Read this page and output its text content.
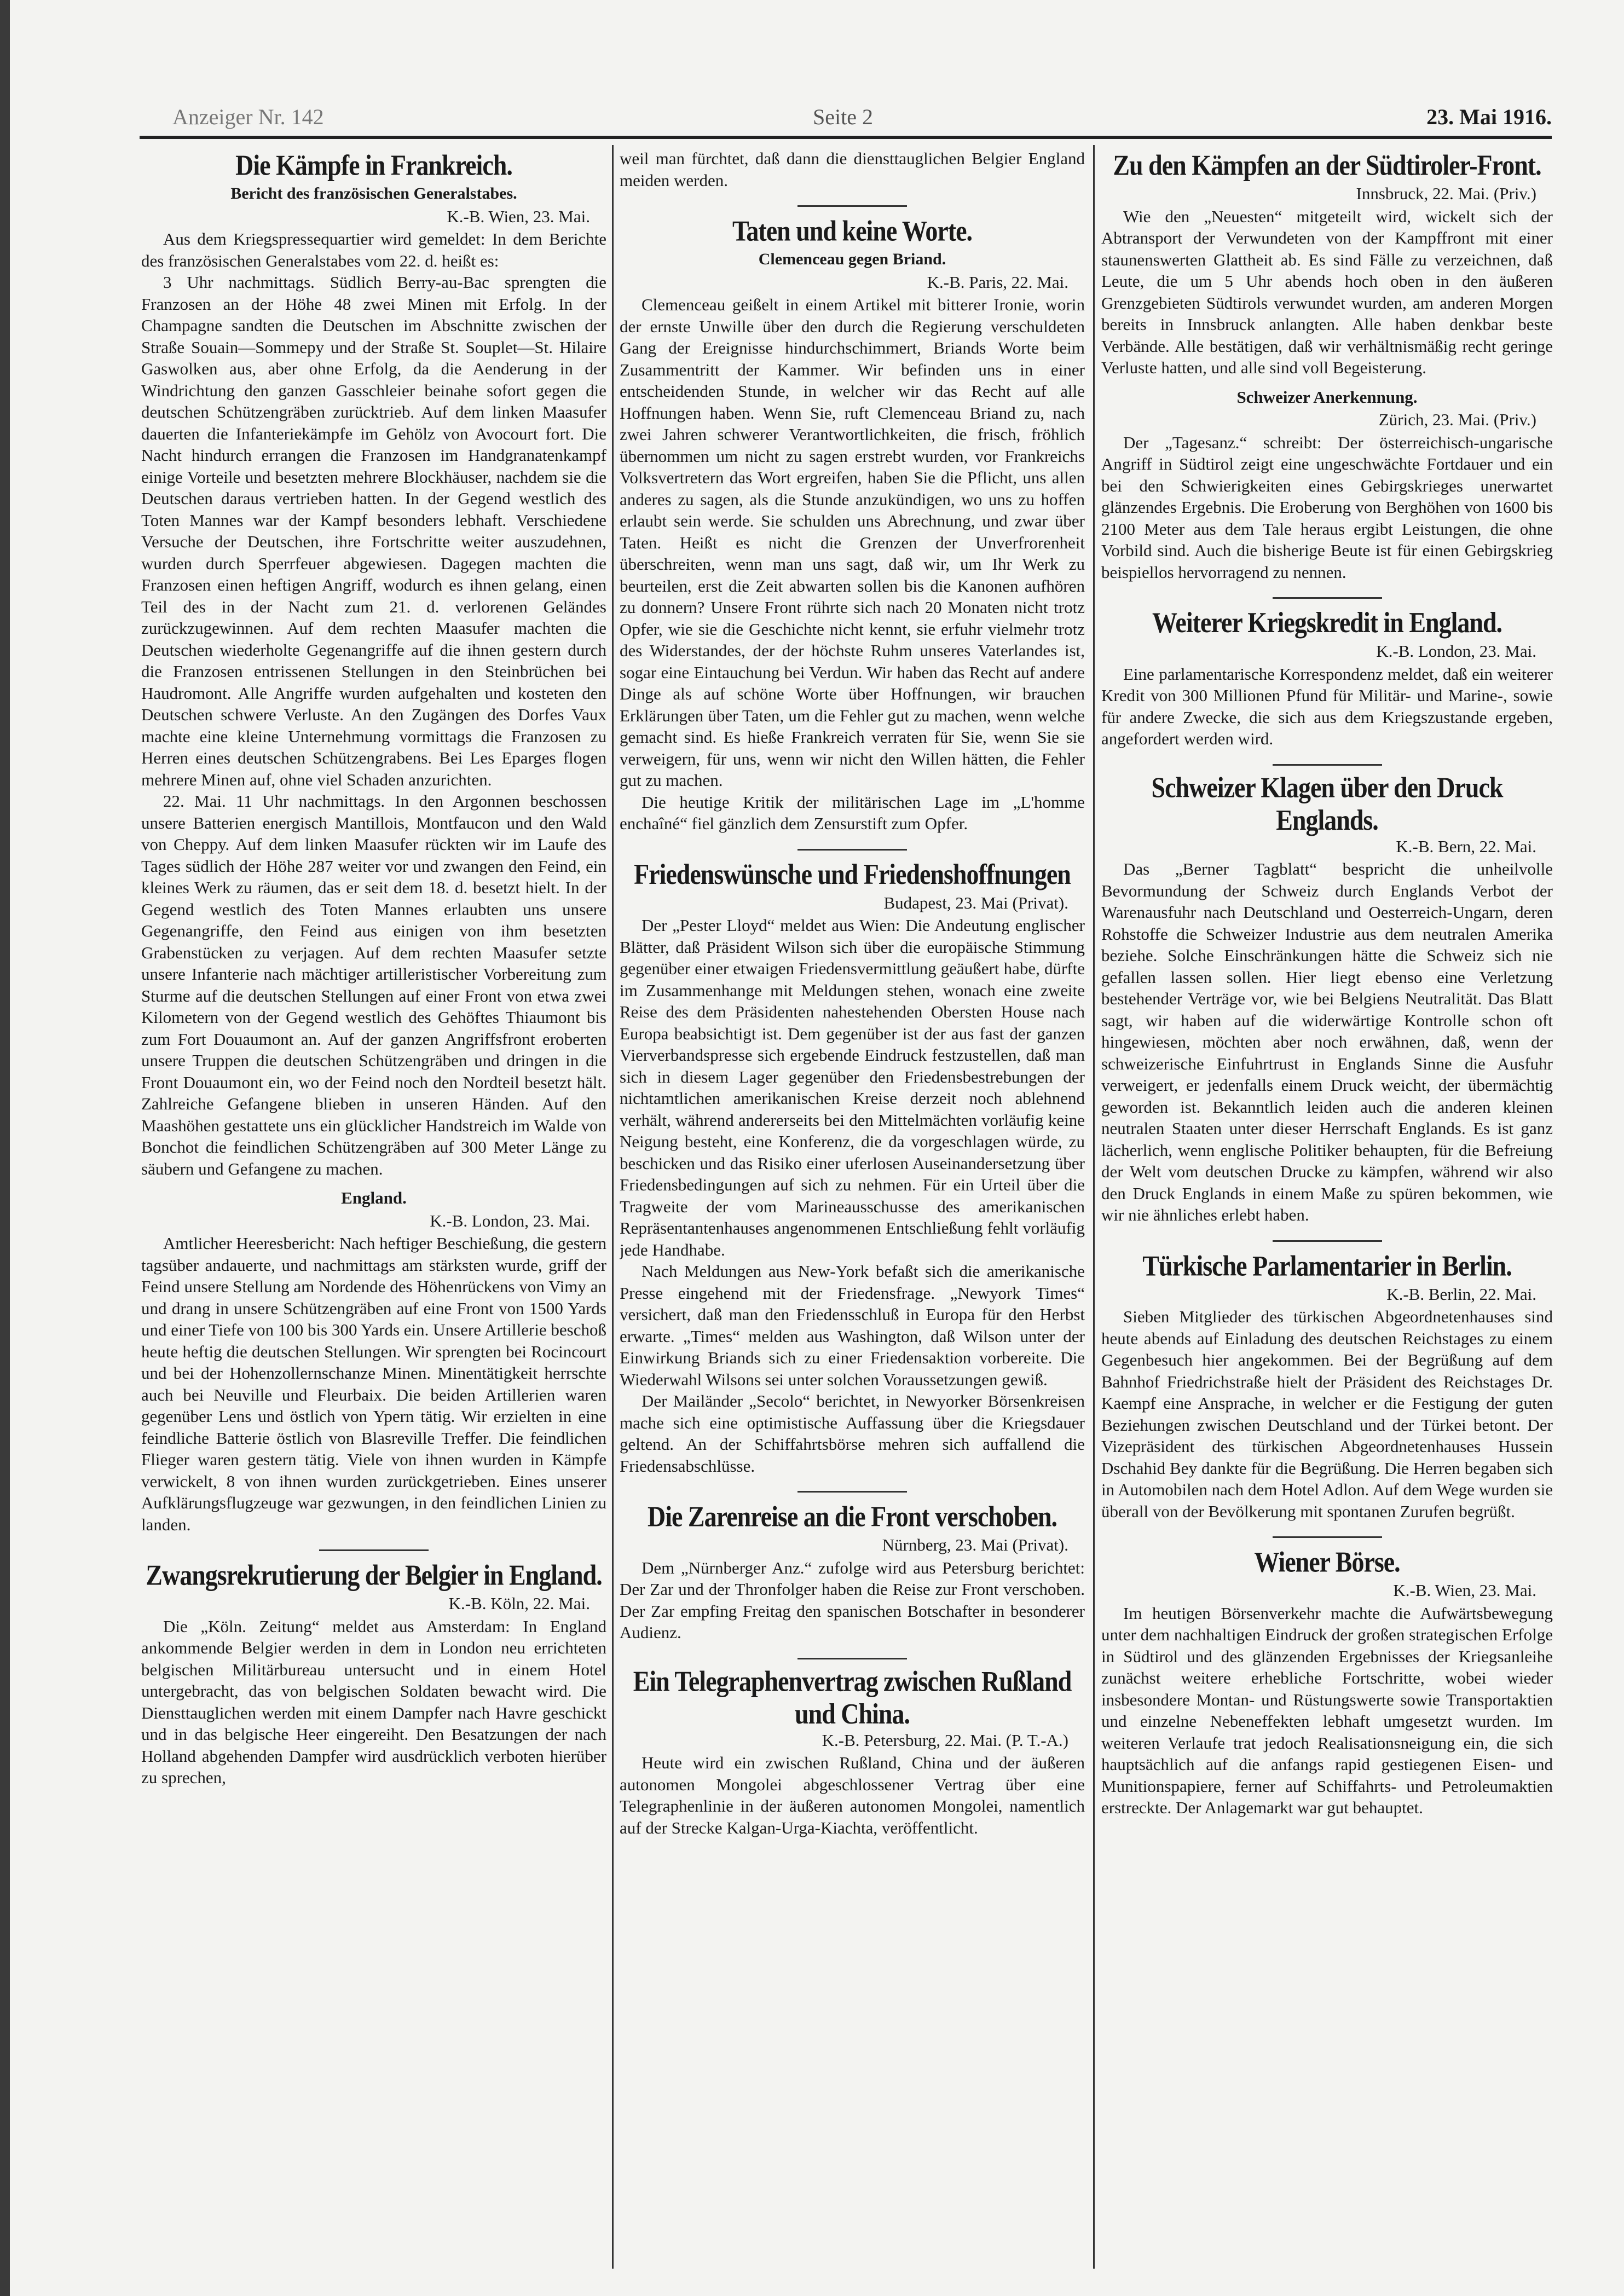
Anzeiger Nr. 142	Seite 2	23. Mai 1916.
Die Kämpfe in Frankreich.
Bericht des französischen Generalstabes.
K.-B. Wien, 23. Mai.
Aus dem Kriegspressequartier wird gemeldet: In dem Berichte des französischen Generalstabes vom 22. d. heißt es:
3 Uhr nachmittags. Südlich Berry-au-Bac sprengten die Franzosen an der Höhe 48 zwei Minen mit Erfolg. In der Champagne sandten die Deutschen im Abschnitte zwischen der Straße Souain—Sommepy und der Straße St. Souplet—St. Hilaire Gaswolken aus, aber ohne Erfolg, da die Aenderung in der Windrichtung den ganzen Gasschleier beinahe sofort gegen die deutschen Schützengräben zurücktrieb. Auf dem linken Maasufer dauerten die Infanteriekämpfe im Gehölz von Avocourt fort. Die Nacht hindurch errangen die Franzosen im Handgranatenkampf einige Vorteile und besetzten mehrere Blockhäuser, nachdem sie die Deutschen daraus vertrieben hatten. In der Gegend westlich des Toten Mannes war der Kampf besonders lebhaft. Verschiedene Versuche der Deutschen, ihre Fortschritte weiter auszudehnen, wurden durch Sperrfeuer abgewiesen. Dagegen machten die Franzosen einen heftigen Angriff, wodurch es ihnen gelang, einen Teil des in der Nacht zum 21. d. verlorenen Geländes zurückzugewinnen. Auf dem rechten Maasufer machten die Deutschen wiederholte Gegenangriffe auf die ihnen gestern durch die Franzosen entrissenen Stellungen in den Steinbrüchen bei Haudromont. Alle Angriffe wurden aufgehalten und kosteten den Deutschen schwere Verluste. An den Zugängen des Dorfes Vaux machte eine kleine Unternehmung vormittags die Franzosen zu Herren eines deutschen Schützengrabens. Bei Les Eparges flogen mehrere Minen auf, ohne viel Schaden anzurichten.
22. Mai. 11 Uhr nachmittags. In den Argonnen beschossen unsere Batterien energisch Mantillois, Montfaucon und den Wald von Cheppy. Auf dem linken Maasufer rückten wir im Laufe des Tages südlich der Höhe 287 weiter vor und zwangen den Feind, ein kleines Werk zu räumen, das er seit dem 18. d. besetzt hielt. In der Gegend westlich des Toten Mannes erlaubten uns unsere Gegenangriffe, den Feind aus einigen von ihm besetzten Grabenstücken zu verjagen. Auf dem rechten Maasufer setzte unsere Infanterie nach mächtiger artilleristischer Vorbereitung zum Sturme auf die deutschen Stellungen auf einer Front von etwa zwei Kilometern von der Gegend westlich des Gehöftes Thiaumont bis zum Fort Douaumont an. Auf der ganzen Angriffsfront eroberten unsere Truppen die deutschen Schützengräben und dringen in die Front Douaumont ein, wo der Feind noch den Nordteil besetzt hält. Zahlreiche Gefangene blieben in unseren Händen. Auf den Maashöhen gestattete uns ein glücklicher Handstreich im Walde von Bonchot die feindlichen Schützengräben auf 300 Meter Länge zu säubern und Gefangene zu machen.
England.
K.-B. London, 23. Mai.
Amtlicher Heeresbericht: Nach heftiger Beschießung, die gestern tagsüber andauerte, und nachmittags am stärksten wurde, griff der Feind unsere Stellung am Nordende des Höhenrückens von Vimy an und drang in unsere Schützengräben auf eine Front von 1500 Yards und einer Tiefe von 100 bis 300 Yards ein. Unsere Artillerie beschoß heute heftig die deutschen Stellungen. Wir sprengten bei Rocincourt und bei der Hohenzollernschanze Minen. Minentätigkeit herrschte auch bei Neuville und Fleurbaix. Die beiden Artillerien waren gegenüber Lens und östlich von Ypern tätig. Wir erzielten in eine feindliche Batterie östlich von Blasreville Treffer. Die feindlichen Flieger waren gestern tätig. Viele von ihnen wurden in Kämpfe verwickelt, 8 von ihnen wurden zurückgetrieben. Eines unserer Aufklärungsflugzeuge war gezwungen, in den feindlichen Linien zu landen.
Zwangsrekrutierung der Belgier in England.
K.-B. Köln, 22. Mai.
Die „Köln. Zeitung“ meldet aus Amsterdam: In England ankommende Belgier werden in dem in London neu errichteten belgischen Militärbureau untersucht und in einem Hotel untergebracht, das von belgischen Soldaten bewacht wird. Die Diensttauglichen werden mit einem Dampfer nach Havre geschickt und in das belgische Heer eingereiht. Den Besatzungen der nach Holland abgehenden Dampfer wird ausdrücklich verboten hierüber zu sprechen,
weil man fürchtet, daß dann die diensttauglichen Belgier England meiden werden.
Taten und keine Worte.
Clemenceau gegen Briand.
K.-B. Paris, 22. Mai.
Clemenceau geißelt in einem Artikel mit bitterer Ironie, worin der ernste Unwille über den durch die Regierung verschuldeten Gang der Ereignisse hindurchschimmert, Briands Worte beim Zusammentritt der Kammer. Wir befinden uns in einer entscheidenden Stunde, in welcher wir das Recht auf alle Hoffnungen haben. Wenn Sie, ruft Clemenceau Briand zu, nach zwei Jahren schwerer Verantwortlichkeiten, die frisch, fröhlich übernommen um nicht zu sagen erstrebt wurden, vor Frankreichs Volksvertretern das Wort ergreifen, haben Sie die Pflicht, uns allen anderes zu sagen, als die Stunde anzukündigen, wo uns zu hoffen erlaubt sein werde. Sie schulden uns Abrechnung, und zwar über Taten. Heißt es nicht die Grenzen der Unverfrorenheit überschreiten, wenn man uns sagt, daß wir, um Ihr Werk zu beurteilen, erst die Zeit abwarten sollen bis die Kanonen aufhören zu donnern? Unsere Front rührte sich nach 20 Monaten nicht trotz Opfer, wie sie die Geschichte nicht kennt, sie erfuhr vielmehr trotz des Widerstandes, der der höchste Ruhm unseres Vaterlandes ist, sogar eine Eintauchung bei Verdun. Wir haben das Recht auf andere Dinge als auf schöne Worte über Hoffnungen, wir brauchen Erklärungen über Taten, um die Fehler gut zu machen, wenn welche gemacht sind. Es hieße Frankreich verraten für Sie, wenn Sie sie verweigern, für uns, wenn wir nicht den Willen hätten, die Fehler gut zu machen.
Die heutige Kritik der militärischen Lage im „L'homme enchaîné“ fiel gänzlich dem Zensurstift zum Opfer.
Friedenswünsche und Friedenshoffnungen
Budapest, 23. Mai (Privat).
Der „Pester Lloyd“ meldet aus Wien: Die Andeutung englischer Blätter, daß Präsident Wilson sich über die europäische Stimmung gegenüber einer etwaigen Friedensvermittlung geäußert habe, dürfte im Zusammenhange mit Meldungen stehen, wonach eine zweite Reise des dem Präsidenten nahestehenden Obersten House nach Europa beabsichtigt ist. Dem gegenüber ist der aus fast der ganzen Vierverbandspresse sich ergebende Eindruck festzustellen, daß man sich in diesem Lager gegenüber den Friedensbestrebungen der nichtamtlichen amerikanischen Kreise derzeit noch ablehnend verhält, während andererseits bei den Mittelmächten vorläufig keine Neigung besteht, eine Konferenz, die da vorgeschlagen würde, zu beschicken und das Risiko einer uferlosen Auseinandersetzung über Friedensbedingungen auf sich zu nehmen. Für ein Urteil über die Tragweite der vom Marineausschusse des amerikanischen Repräsentantenhauses angenommenen Entschließung fehlt vorläufig jede Handhabe.
Nach Meldungen aus New-York befaßt sich die amerikanische Presse eingehend mit der Friedensfrage. „Newyork Times“ versichert, daß man den Friedensschluß in Europa für den Herbst erwarte. „Times“ melden aus Washington, daß Wilson unter der Einwirkung Briands sich zu einer Friedensaktion vorbereite. Die Wiederwahl Wilsons sei unter solchen Voraussetzungen gewiß.
Der Mailänder „Secolo“ berichtet, in Newyorker Börsenkreisen mache sich eine optimistische Auffassung über die Kriegsdauer geltend. An der Schiffahrtsbörse mehren sich auffallend die Friedensabschlüsse.
Die Zarenreise an die Front verschoben.
Nürnberg, 23. Mai (Privat).
Dem „Nürnberger Anz.“ zufolge wird aus Petersburg berichtet: Der Zar und der Thronfolger haben die Reise zur Front verschoben. Der Zar empfing Freitag den spanischen Botschafter in besonderer Audienz.
Ein Telegraphenvertrag zwischen Rußland und China.
K.-B. Petersburg, 22. Mai. (P. T.-A.)
Heute wird ein zwischen Rußland, China und der äußeren autonomen Mongolei abgeschlossener Vertrag über eine Telegraphenlinie in der äußeren autonomen Mongolei, namentlich auf der Strecke Kalgan-Urga-Kiachta, veröffentlicht.
Zu den Kämpfen an der Südtiroler-Front.
Innsbruck, 22. Mai. (Priv.)
Wie den „Neuesten“ mitgeteilt wird, wickelt sich der Abtransport der Verwundeten von der Kampffront mit einer staunenswerten Glattheit ab. Es sind Fälle zu verzeichnen, daß Leute, die um 5 Uhr abends hoch oben in den äußeren Grenzgebieten Südtirols verwundet wurden, am anderen Morgen bereits in Innsbruck anlangten. Alle haben denkbar beste Verbände. Alle bestätigen, daß wir verhältnismäßig recht geringe Verluste hatten, und alle sind voll Begeisterung.
Schweizer Anerkennung.
Zürich, 23. Mai. (Priv.)
Der „Tagesanz.“ schreibt: Der österreichisch-ungarische Angriff in Südtirol zeigt eine ungeschwächte Fortdauer und ein bei den Schwierigkeiten eines Gebirgskrieges unerwartet glänzendes Ergebnis. Die Eroberung von Berghöhen von 1600 bis 2100 Meter aus dem Tale heraus ergibt Leistungen, die ohne Vorbild sind. Auch die bisherige Beute ist für einen Gebirgskrieg beispiellos hervorragend zu nennen.
Weiterer Kriegskredit in England.
K.-B. London, 23. Mai.
Eine parlamentarische Korrespondenz meldet, daß ein weiterer Kredit von 300 Millionen Pfund für Militär- und Marine-, sowie für andere Zwecke, die sich aus dem Kriegszustande ergeben, angefordert werden wird.
Schweizer Klagen über den Druck Englands.
K.-B. Bern, 22. Mai.
Das „Berner Tagblatt“ bespricht die unheilvolle Bevormundung der Schweiz durch Englands Verbot der Warenausfuhr nach Deutschland und Oesterreich-Ungarn, deren Rohstoffe die Schweizer Industrie aus dem neutralen Amerika beziehe. Solche Einschränkungen hätte die Schweiz sich nie gefallen lassen sollen. Hier liegt ebenso eine Verletzung bestehender Verträge vor, wie bei Belgiens Neutralität. Das Blatt sagt, wir haben auf die widerwärtige Kontrolle schon oft hingewiesen, möchten aber noch erwähnen, daß, wenn der schweizerische Einfuhrtrust in Englands Sinne die Ausfuhr verweigert, er jedenfalls einem Druck weicht, der übermächtig geworden ist. Bekanntlich leiden auch die anderen kleinen neutralen Staaten unter dieser Herrschaft Englands. Es ist ganz lächerlich, wenn englische Politiker behaupten, für die Befreiung der Welt vom deutschen Drucke zu kämpfen, während wir also den Druck Englands in einem Maße zu spüren bekommen, wie wir nie ähnliches erlebt haben.
Türkische Parlamentarier in Berlin.
K.-B. Berlin, 22. Mai.
Sieben Mitglieder des türkischen Abgeordnetenhauses sind heute abends auf Einladung des deutschen Reichstages zu einem Gegenbesuch hier angekommen. Bei der Begrüßung auf dem Bahnhof Friedrichstraße hielt der Präsident des Reichstages Dr. Kaempf eine Ansprache, in welcher er die Festigung der guten Beziehungen zwischen Deutschland und der Türkei betont. Der Vizepräsident des türkischen Abgeordnetenhauses Hussein Dschahid Bey dankte für die Begrüßung. Die Herren begaben sich in Automobilen nach dem Hotel Adlon. Auf dem Wege wurden sie überall von der Bevölkerung mit spontanen Zurufen begrüßt.
Wiener Börse.
K.-B. Wien, 23. Mai.
Im heutigen Börsenverkehr machte die Aufwärtsbewegung unter dem nachhaltigen Eindruck der großen strategischen Erfolge in Südtirol und des glänzenden Ergebnisses der Kriegsanleihe zunächst weitere erhebliche Fortschritte, wobei wieder insbesondere Montan- und Rüstungswerte sowie Transportaktien und einzelne Nebeneffekten lebhaft umgesetzt wurden. Im weiteren Verlaufe trat jedoch Realisationsneigung ein, die sich hauptsächlich auf die anfangs rapid gestiegenen Eisen- und Munitionspapiere, ferner auf Schiffahrts- und Petroleumaktien erstreckte. Der Anlagemarkt war gut behauptet.
